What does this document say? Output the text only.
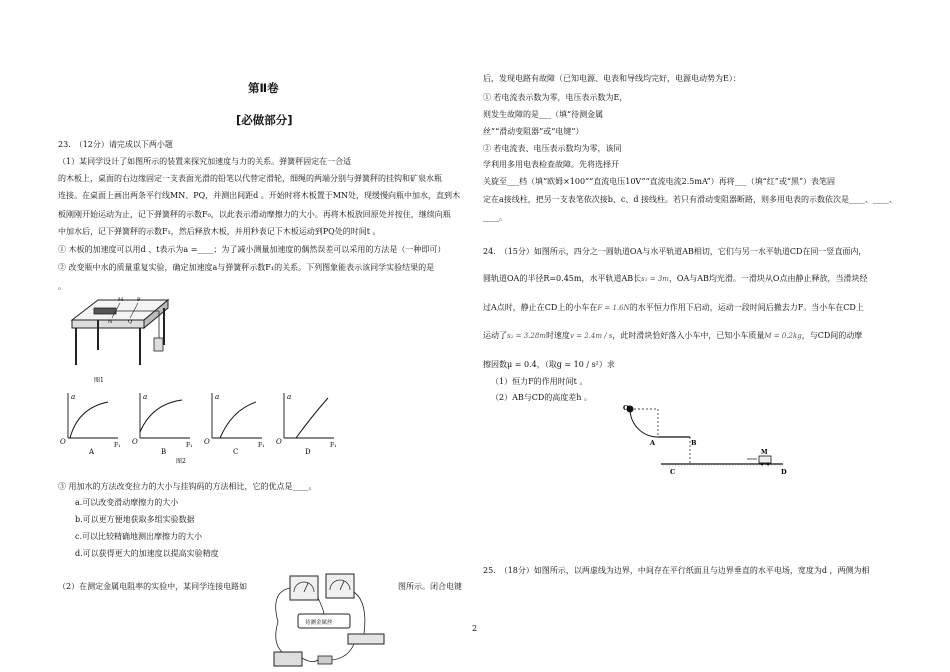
第Ⅱ卷
[必做部分]
23.　（12分）请完成以下两小题
（1）某同学设计了如图所示的装置来探究加速度与力的关系。弹簧秤固定在一合适
的木板上，桌面的右边缘固定一支表面光滑的铅笔以代替定滑轮，细绳的两端分别与弹簧秤的挂钩和矿泉水瓶
连接。在桌面上画出两条平行线MN、PQ，并测出间距d 。开始时将木板置于MN处，现缓慢向瓶中加水，直到木
板刚刚开始运动为止，记下弹簧秤的示数F₀，以此表示滑动摩擦力的大小。再将木板放回原处并按住，继续向瓶
中加水后，记下弹簧秤的示数F₁，然后释放木板，并用秒表记下木板运动到PQ处的时间t 。
① 木板的加速度可以用d 、t表示为a =____；为了减小测量加速度的偶然误差可以采用的方法是（一种即可）
② 改变瓶中水的质量重复实验，确定加速度a与弹簧秤示数F₁的关系。下列图象能表示该同学实验结果的是
。
M	P
N	Q
图1
a
O	F₁
A
a
O	F₁
B
a
O	F₁
C
a
O	F₁
D
图2
③ 用加水的方法改变拉力的大小与挂钩码的方法相比，它的优点是____。
a.可以改变滑动摩擦力的大小
b.可以更方便地获取多组实验数据
c.可以比较精确地测出摩擦力的大小
d.可以获得更大的加速度以提高实验精度
（2）在测定金属电阻率的实验中，某同学连接电路如	图所示。闭合电键
待测金属丝
后，发现电路有故障（已知电源、电表和导线均完好，电源电动势为E）：
① 若电流表示数为零，电压表示数为E，
则发生故障的是___（填“待测金属
丝”“滑动变阻器”或“电键”）
② 若电流表、电压表示数均为零，该同
学利用多用电表检查故障。先将选择开
关旋至___档（填“欧姆×100”“直流电压10V”“直流电流2.5mA”）再将___（填“红”或“黑”）表笔固
定在a接线柱，把另一支表笔依次接b、c、d 接线柱。若只有滑动变阻器断路，则多用电表的示数依次是____、____、
____。
24.　（15分）如图所示，四分之一圆轨道OA与水平轨道AB相切，它们与另一水平轨道CD在同一竖直面内，
圆轨道OA的半径R=0.45m，水平轨道AB长s₁ = 3m，OA与AB均光滑。一滑块从O点由静止释放，当滑块经
过A点时，静止在CD上的小车在F = 1.6N的水平恒力作用下启动，运动一段时间后撤去力F。当小车在CD上
运动了s₂ = 3.28m时速度v = 2.4m / s，此时滑块恰好落入小车中，已知小车质量M = 0.2kg，与CD间的动摩
擦因数μ = 0.4，（取g = 10 / s²）求
（1）恒力F的作用时间t 。
（2）AB与CD的高度差h 。
O
A	B
C
M
D
25.　（18分）如图所示，以两虚线为边界，中间存在平行纸面且与边界垂直的水平电场，宽度为d ，两侧为相
2
